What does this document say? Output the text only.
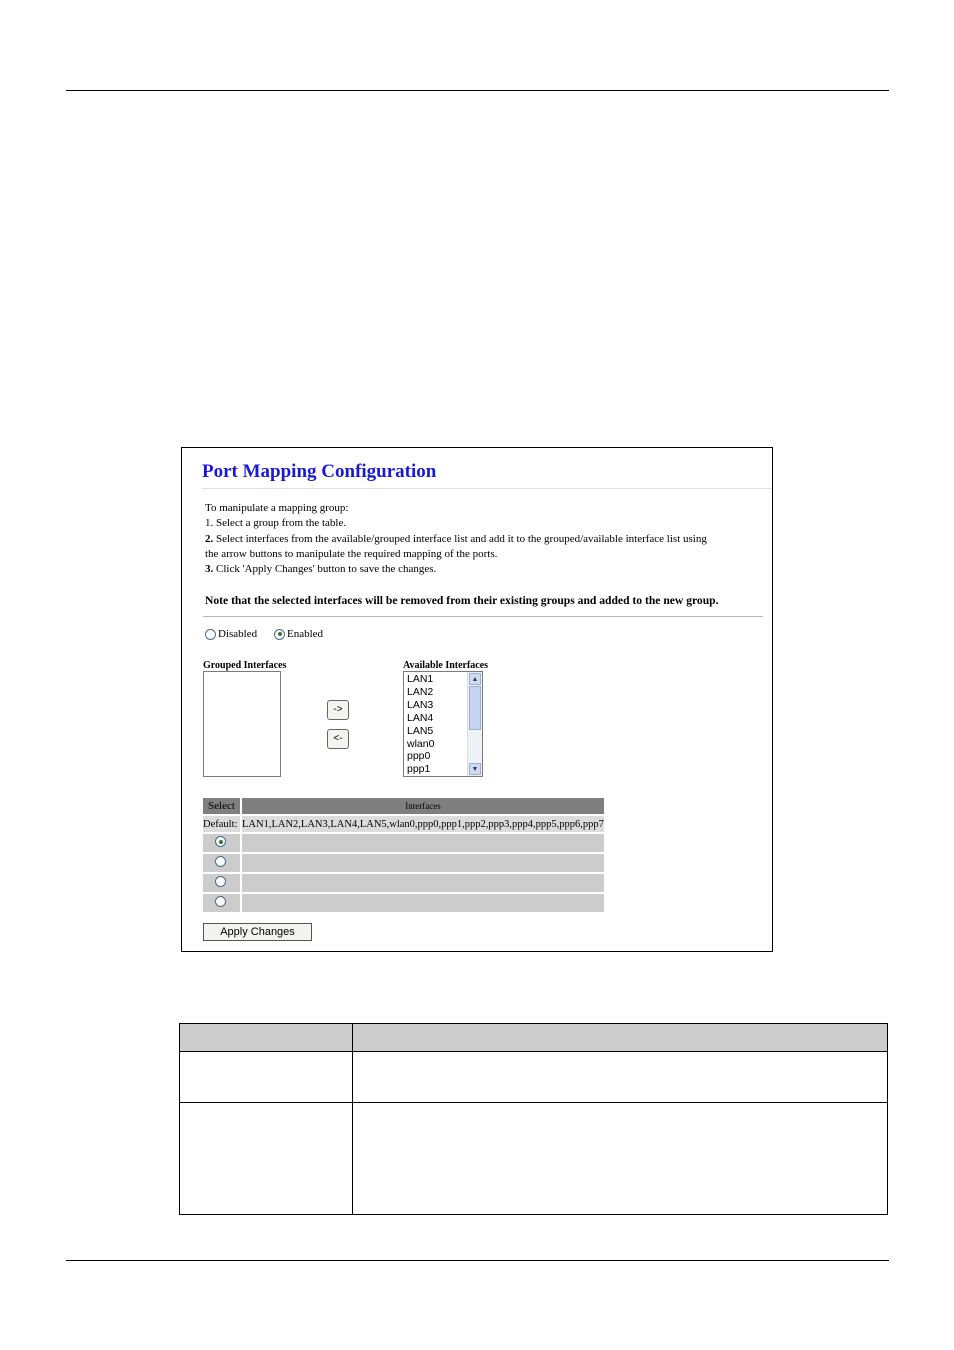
Port Mapping Configuration
To manipulate a mapping group:
1. Select a group from the table.
2. Select interfaces from the available/grouped interface list and add it to the grouped/available interface list using
the arrow buttons to manipulate the required mapping of the ports.
3. Click 'Apply Changes' button to save the changes.
Note that the selected interfaces will be removed from their existing groups and added to the new group.
Disabled	Enabled
Grouped Interfaces	Available Interfaces
LAN1
LAN2
LAN3
LAN4
LAN5
wlan0
ppp0
ppp1
▲
▼
->
<-
Select	Interfaces
Default:	LAN1,LAN2,LAN3,LAN4,LAN5,wlan0,ppp0,ppp1,ppp2,ppp3,ppp4,ppp5,ppp6,ppp7

Apply Changes
